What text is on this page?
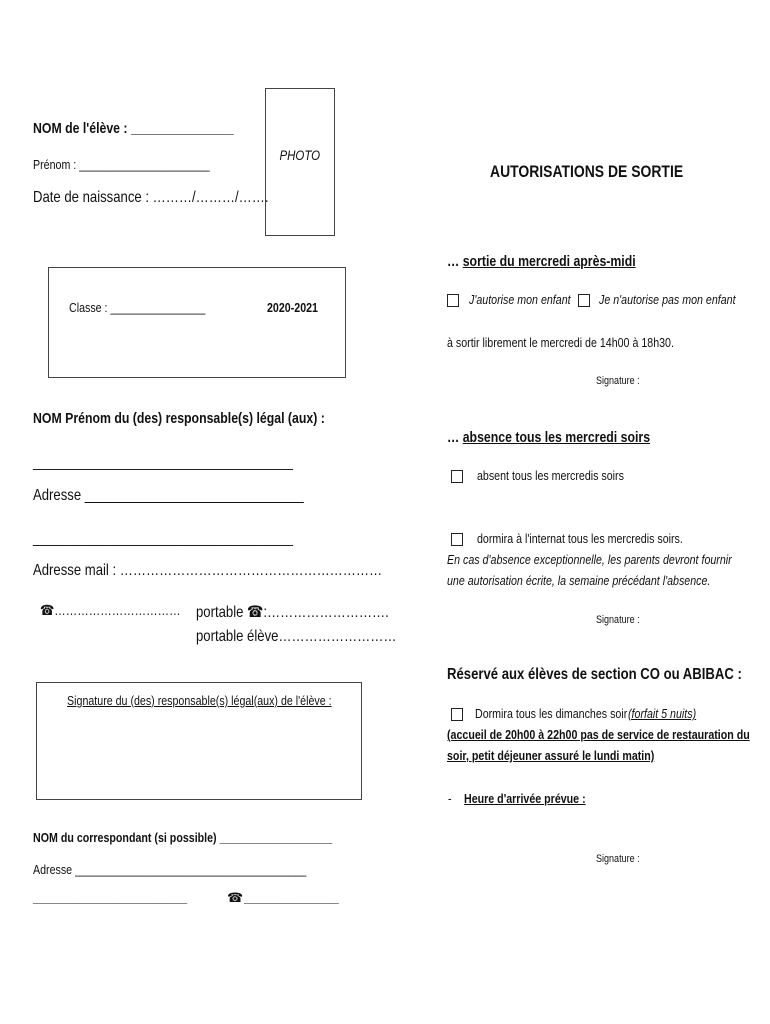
NOM de l'élève : _______________
Prénom : ______________________
Date de naissance : ………/………/…….
PHOTO
Classe : ________________	2020-2021
NOM Prénom du (des) responsable(s) légal (aux) :
______________________________________
Adresse ______________________________
______________________________________
Adresse mail : ……………………………………………………
☎…………………………… portable ☎:……………………….
portable élève………………………
Signature du (des) responsable(s) légal(aux) de l'élève :
NOM du correspondant (si possible) ___________________
Adresse _______________________________________
__________________________	☎ ________________
AUTORISATIONS DE SORTIE
… sortie du mercredi après-midi
J'autorise mon enfant	Je n'autorise pas mon enfant
à sortir librement le mercredi de 14h00 à 18h30.
Signature :
… absence tous les mercredi soirs
absent tous les mercredis soirs
dormira à l'internat tous les mercredis soirs.
En cas d'absence exceptionnelle, les parents devront fournir
une autorisation écrite, la semaine précédant l'absence.
Signature :
Réservé aux élèves de section CO ou ABIBAC :
Dormira tous les dimanches soir (forfait 5 nuits)
(accueil de 20h00 à 22h00 pas de service de restauration du
soir, petit déjeuner assuré le lundi matin)
- Heure d'arrivée prévue :
Signature :
